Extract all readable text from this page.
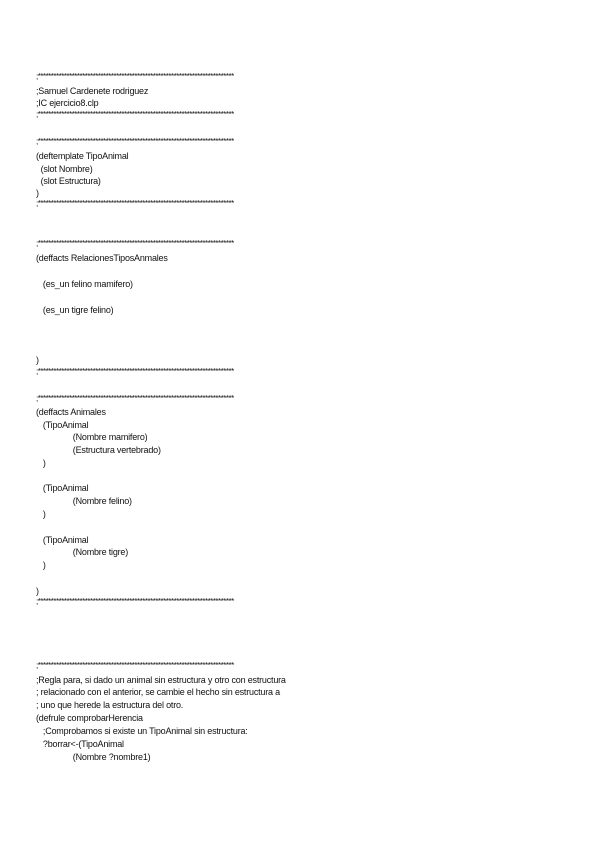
;***************************************************************************

;Samuel Cardenete rodriguez

;IC ejercicio8.clp

;***************************************************************************

;***************************************************************************

(deftemplate TipoAnimal

(slot Nombre)

(slot Estructura)

)

;***************************************************************************

;***************************************************************************

(deffacts RelacionesTiposAnmales

(es_un felino mamifero)

(es_un tigre felino)

)

;***************************************************************************

;***************************************************************************

(deffacts Animales

(TipoAnimal

(Nombre mamifero)

(Estructura vertebrado)

)

(TipoAnimal

(Nombre felino)

)

(TipoAnimal

(Nombre tigre)

)

)

;***************************************************************************

;***************************************************************************

;Regla para, si dado un animal sin estructura y otro con estructura

; relacionado con el anterior, se cambie el hecho sin estructura a

; uno que herede la estructura del otro.

(defrule comprobarHerencia

;Comprobamos si existe un TipoAnimal sin estructura:

?borrar<-(TipoAnimal

(Nombre ?nombre1)
